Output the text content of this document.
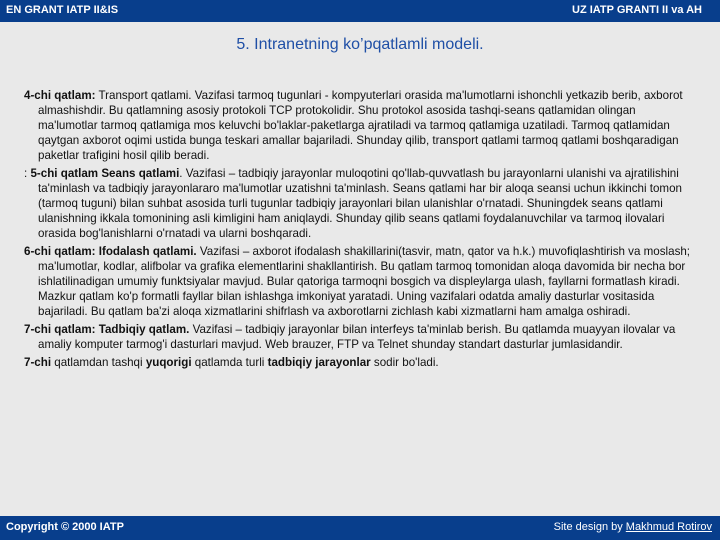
EN GRANT IATP II&IS	UZ IATP GRANTI II va AH
5. Intranetning ko’pqatlamli modeli.

4-chi qatlam: Transport qatlami. Vazifasi tarmoq tugunlari - kompyuterlari orasida ma'lumotlarni ishonchli yetkazib berib, axborot almashishdir. Bu qatlamning asosiy protokoli TCP protokolidir. Shu protokol asosida tashqi-seans qatlamidan olingan ma'lumotlar tarmoq qatlamiga mos keluvchi bo'laklar-paketlarga ajratiladi va tarmoq qatlamiga uzatiladi. Tarmoq qatlamidan qaytgan axborot oqimi ustida bunga teskari amallar bajariladi. Shunday qilib, transport qatlami tarmoq qatlami boshqaradigan paketlar trafigini hosil qilib beradi.

: 5-chi qatlam Seans qatlami. Vazifasi – tadbiqiy jarayonlar muloqotini qo'llab-quvvatlash bu jarayonlarni ulanishi va ajratilishini ta'minlash va tadbiqiy jarayonlararo ma'lumotlar uzatishni ta'minlash. Seans qatlami har bir aloqa seansi uchun ikkinchi tomon (tarmoq tuguni) bilan suhbat asosida turli tugunlar tadbiqiy jarayonlari bilan ulanishlar o'rnatadi. Shuningdek seans qatlami ulanishning ikkala tomonining asli kimligini ham aniqlaydi. Shunday qilib seans qatlami foydalanuvchilar va tarmoq ilovalari orasida bog'lanishlarni o'rnatadi va ularni boshqaradi.

6-chi qatlam: Ifodalash qatlami. Vazifasi – axborot ifodalash shakillarini(tasvir, matn, qator va h.k.) muvofiqlashtirish va moslash; ma'lumotlar, kodlar, alifbolar va grafika elementlarini shakllantirish. Bu qatlam tarmoq tomonidan aloqa davomida bir necha bor ishlatilinadigan umumiy funktsiyalar mavjud. Bular qatoriga tarmoqni bosgich va displeylarga ulash, fayllarni formatlash kiradi. Mazkur qatlam ko'p formatli fayllar bilan ishlashga imkoniyat yaratadi. Uning vazifalari odatda amaliy dasturlar vositasida bajariladi. Bu qatlam ba'zi aloqa xizmatlarini shifrlash va axborotlarni zichlash kabi xizmatlarni ham amalga oshiradi.

7-chi qatlam: Tadbiqiy qatlam. Vazifasi – tadbiqiy jarayonlar bilan interfeys ta'minlab berish. Bu qatlamda muayyan ilovalar va amaliy komputer tarmog'i dasturlari mavjud. Web brauzer, FTP va Telnet shunday standart dasturlar jumlasidandir.

7-chi qatlamdan tashqi yuqorigi qatlamda turli tadbiqiy jarayonlar sodir bo'ladi.

Copyright © 2000 IATP	Site design by Makhmud Rotirov
